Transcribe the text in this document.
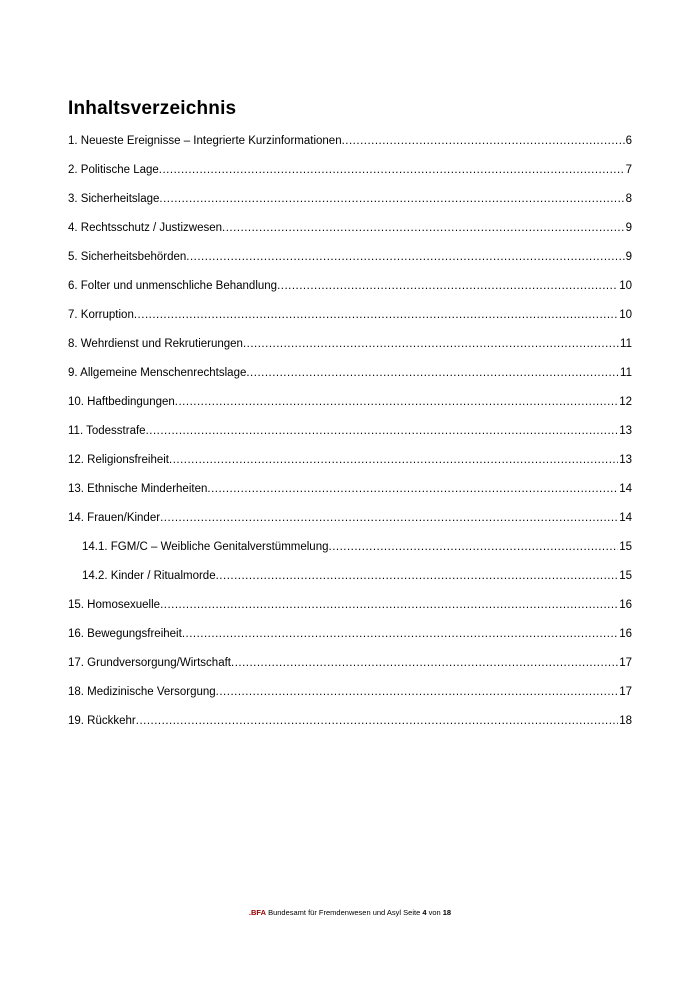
Inhaltsverzeichnis
1. Neueste Ereignisse – Integrierte Kurzinformationen .....	6
2. Politische Lage .....	7
3. Sicherheitslage .....	8
4. Rechtsschutz / Justizwesen .....	9
5. Sicherheitsbehörden .....	9
6. Folter und unmenschliche Behandlung .....	10
7. Korruption .....	10
8. Wehrdienst und Rekrutierungen .....	11
9. Allgemeine Menschenrechtslage .....	11
10. Haftbedingungen .....	12
11. Todesstrafe .....	13
12. Religionsfreiheit .....	13
13. Ethnische Minderheiten .....	14
14. Frauen/Kinder .....	14
14.1. FGM/C – Weibliche Genitalverstümmelung .....	15
14.2. Kinder / Ritualmorde .....	15
15. Homosexuelle .....	16
16. Bewegungsfreiheit .....	16
17. Grundversorgung/Wirtschaft .....	17
18. Medizinische Versorgung .....	17
19. Rückkehr .....	18
.BFA Bundesamt für Fremdenwesen und Asyl Seite 4 von 18
